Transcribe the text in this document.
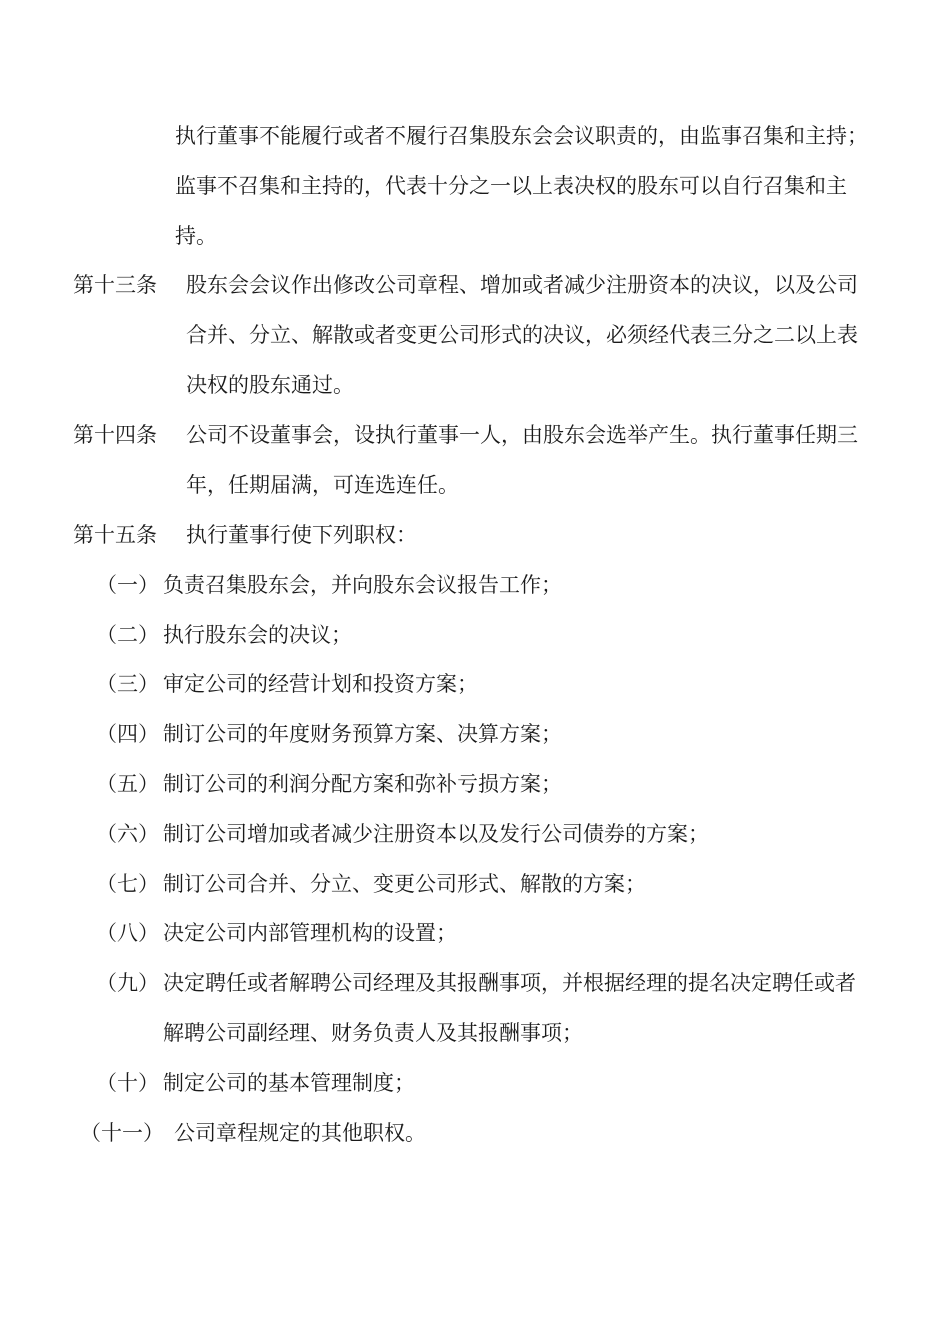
执行董事不能履行或者不履行召集股东会会议职责的，由监事召集和主持；

监事不召集和主持的，代表十分之一以上表决权的股东可以自行召集和主

持。

第十三条 股东会会议作出修改公司章程、增加或者减少注册资本的决议，以及公司

合并、分立、解散或者变更公司形式的决议，必须经代表三分之二以上表

决权的股东通过。

第十四条 公司不设董事会，设执行董事一人，由股东会选举产生。执行董事任期三

年，任期届满，可连选连任。

第十五条 执行董事行使下列职权：

（一） 负责召集股东会，并向股东会议报告工作；

（二） 执行股东会的决议；

（三） 审定公司的经营计划和投资方案；

（四） 制订公司的年度财务预算方案、决算方案；

（五） 制订公司的利润分配方案和弥补亏损方案；

（六） 制订公司增加或者减少注册资本以及发行公司债券的方案；

（七） 制订公司合并、分立、变更公司形式、解散的方案；

（八） 决定公司内部管理机构的设置；

（九） 决定聘任或者解聘公司经理及其报酬事项，并根据经理的提名决定聘任或者

解聘公司副经理、财务负责人及其报酬事项；

（十） 制定公司的基本管理制度；

（十一） 公司章程规定的其他职权。
